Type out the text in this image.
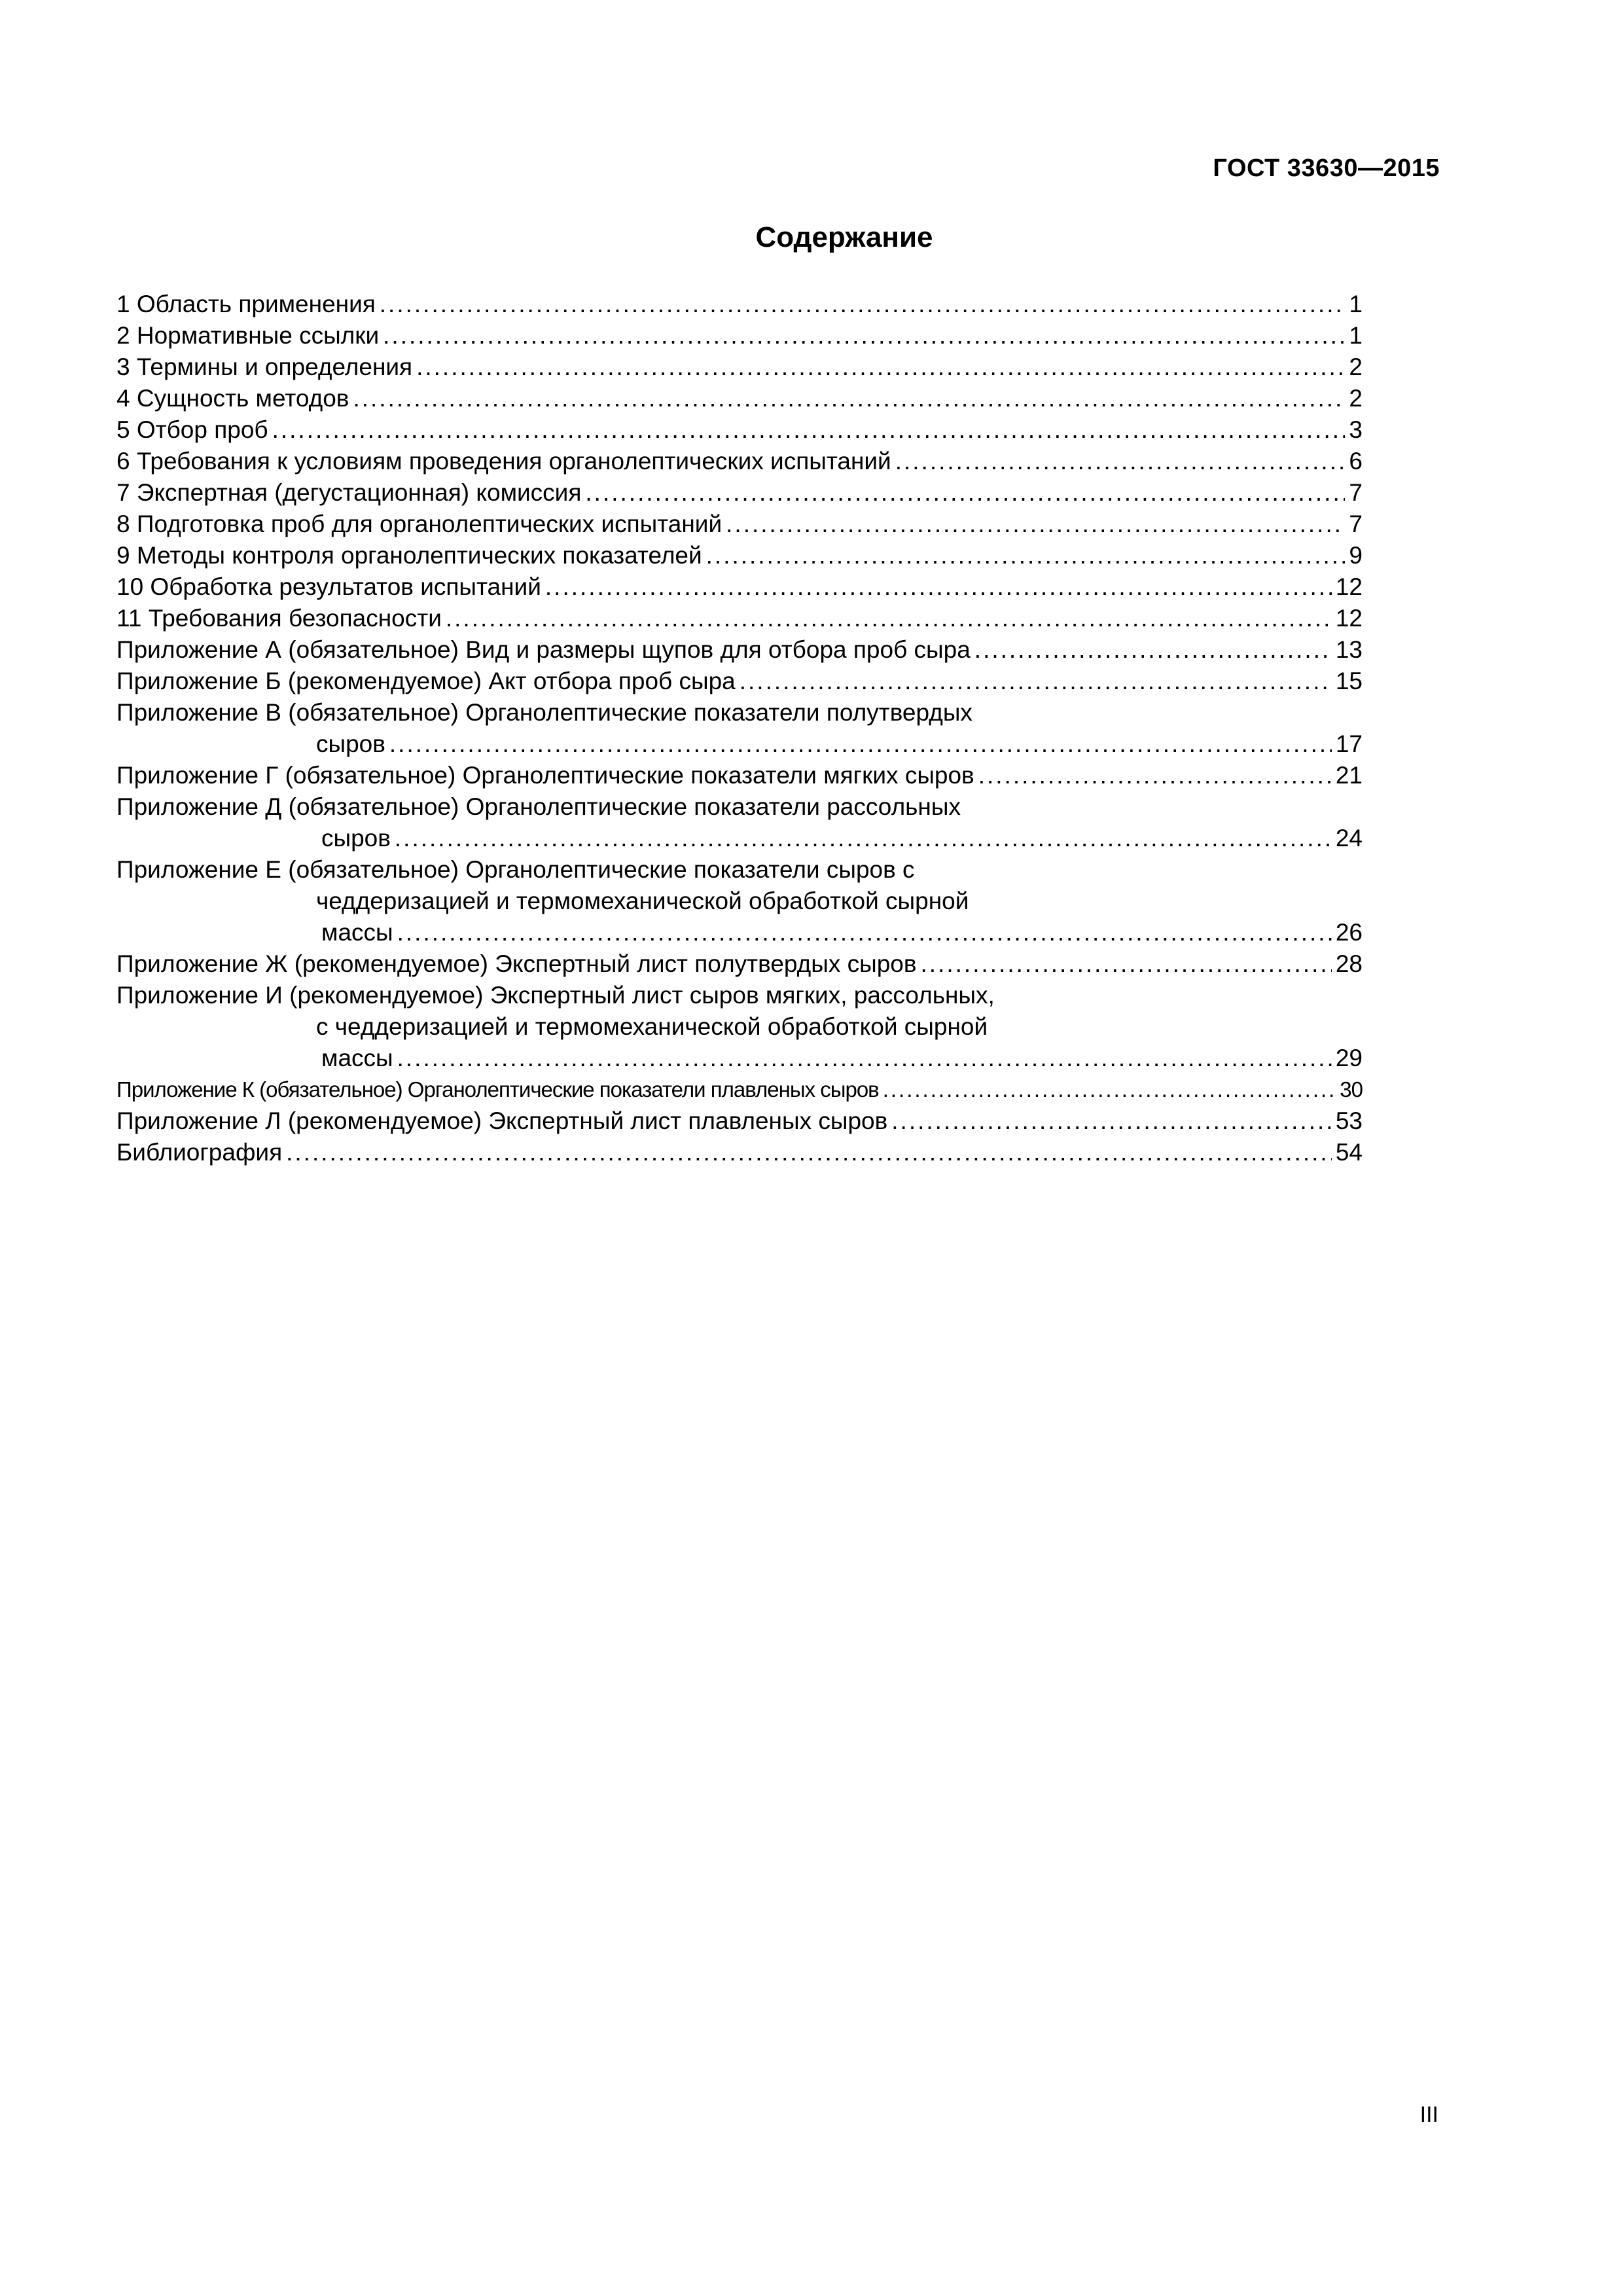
ГОСТ 33630—2015
Содержание
1 Область применения .....	1
2 Нормативные ссылки .....	1
3 Термины и определения .....	2
4 Сущность методов .....	2
5 Отбор проб .....	3
6 Требования к условиям проведения органолептических испытаний .....	6
7 Экспертная (дегустационная) комиссия .....	7
8 Подготовка проб для органолептических испытаний .....	7
9 Методы контроля органолептических показателей .....	9
10 Обработка результатов испытаний .....	12
11 Требования безопасности .....	12
Приложение А (обязательное) Вид и размеры щупов для отбора проб сыра .....	13
Приложение Б (рекомендуемое) Акт отбора проб сыра .....	15
Приложение В (обязательное) Органолептические показатели полутвердых
сыров .....	17
Приложение Г (обязательное) Органолептические показатели мягких сыров .....	21
Приложение Д (обязательное) Органолептические показатели рассольных
сыров .....	24
Приложение Е (обязательное) Органолептические показатели сыров с
чеддеризацией и термомеханической обработкой сырной
массы .....	26
Приложение Ж (рекомендуемое) Экспертный лист полутвердых сыров .....	28
Приложение И (рекомендуемое) Экспертный лист сыров мягких, рассольных,
с чеддеризацией и термомеханической обработкой сырной
массы .....	29
Приложение К (обязательное) Органолептические показатели плавленых сыров .....	30
Приложение Л (рекомендуемое) Экспертный лист плавленых сыров .....	53
Библиография .....	54
III
